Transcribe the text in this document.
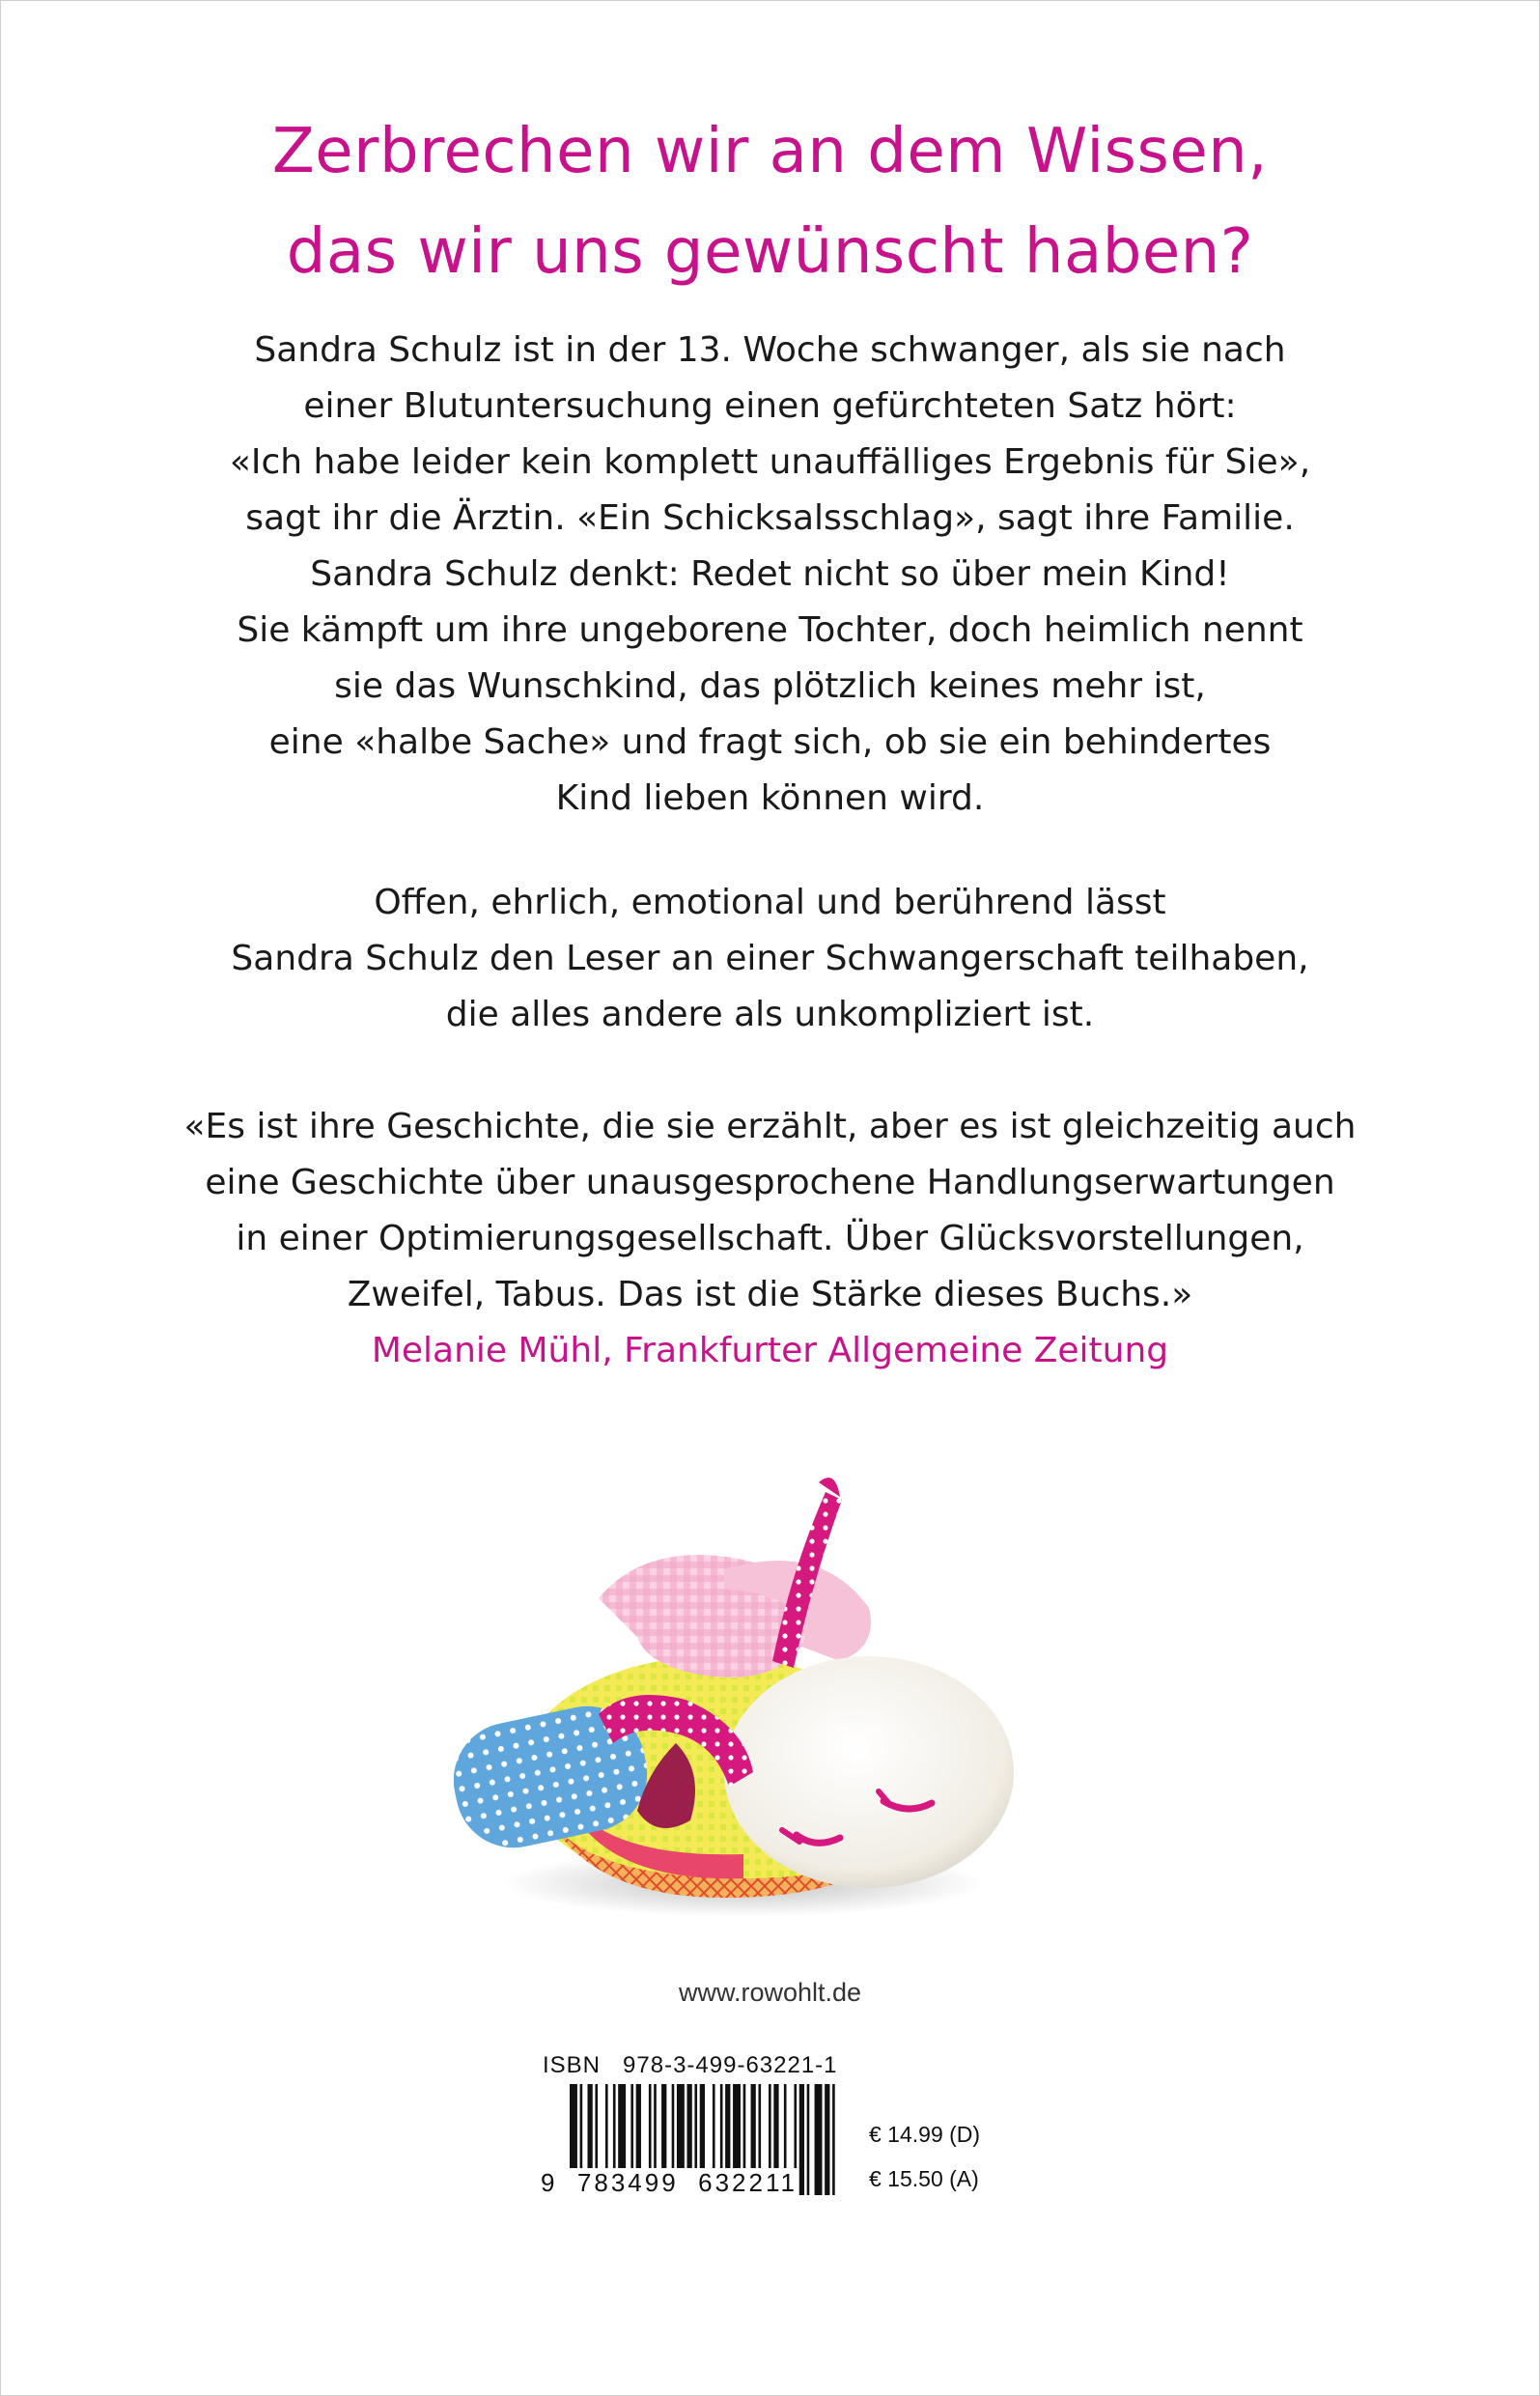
Zerbrechen wir an dem Wissen,
das wir uns gewünscht haben?
Sandra Schulz ist in der 13. Woche schwanger, als sie nach
einer Blutuntersuchung einen gefürchteten Satz hört:
«Ich habe leider kein komplett unauffälliges Ergebnis für Sie»,
sagt ihr die Ärztin. «Ein Schicksalsschlag», sagt ihre Familie.
Sandra Schulz denkt: Redet nicht so über mein Kind!
Sie kämpft um ihre ungeborene Tochter, doch heimlich nennt
sie das Wunschkind, das plötzlich keines mehr ist,
eine «halbe Sache» und fragt sich, ob sie ein behindertes
Kind lieben können wird.
Offen, ehrlich, emotional und berührend lässt
Sandra Schulz den Leser an einer Schwangerschaft teilhaben,
die alles andere als unkompliziert ist.
«Es ist ihre Geschichte, die sie erzählt, aber es ist gleichzeitig auch
eine Geschichte über unausgesprochene Handlungserwartungen
in einer Optimierungsgesellschaft. Über Glücksvorstellungen,
Zweifel, Tabus. Das ist die Stärke dieses Buchs.»
Melanie Mühl, Frankfurter Allgemeine Zeitung
www.rowohlt.de
ISBN 978-3-499-63221-1
9 783499 632211
€ 14.99 (D)
€ 15.50 (A)
